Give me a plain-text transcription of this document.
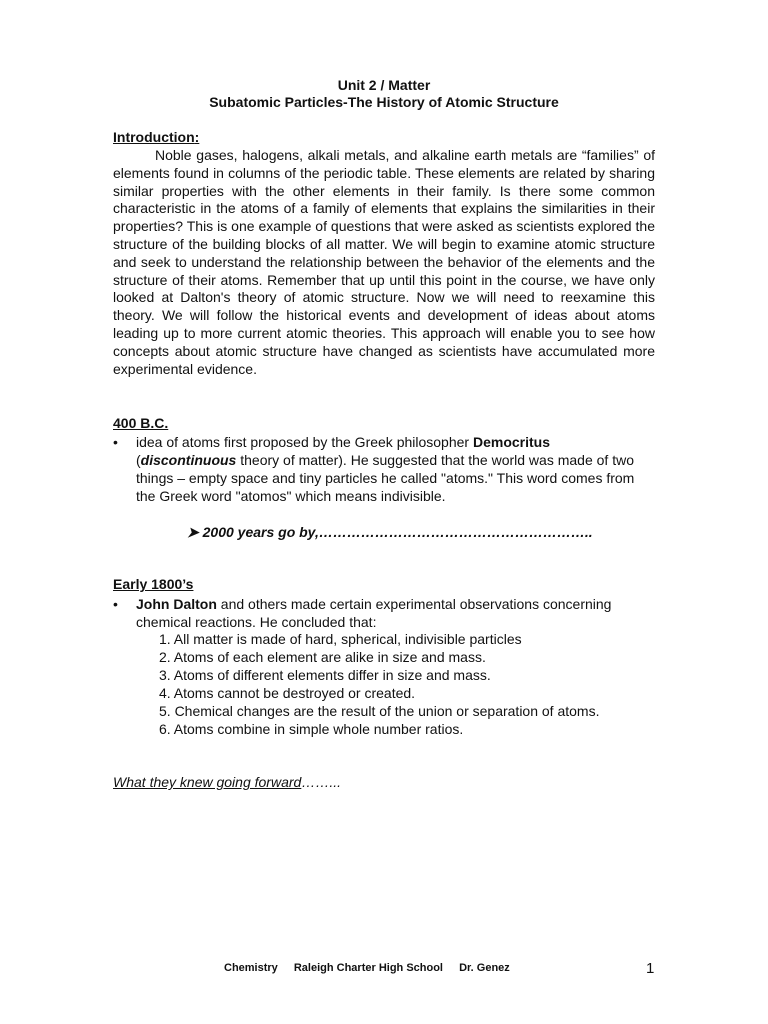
Unit 2 / Matter
Subatomic Particles-The History of Atomic Structure
Introduction:

Noble gases, halogens, alkali metals, and alkaline earth metals are “families” of elements found in columns of the periodic table. These elements are related by sharing similar properties with the other elements in their family. Is there some common characteristic in the atoms of a family of elements that explains the similarities in their properties? This is one example of questions that were asked as scientists explored the structure of the building blocks of all matter. We will begin to examine atomic structure and seek to understand the relationship between the behavior of the elements and the structure of their atoms. Remember that up until this point in the course, we have only looked at Dalton's theory of atomic structure. Now we will need to reexamine this theory. We will follow the historical events and development of ideas about atoms leading up to more current atomic theories. This approach will enable you to see how concepts about atomic structure have changed as scientists have accumulated more experimental evidence.

400 B.C.
•	idea of atoms first proposed by the Greek philosopher Democritus
(discontinuous theory of matter). He suggested that the world was made of two things – empty space and tiny particles he called "atoms." This word comes from the Greek word "atomos" which means indivisible.
➤ 2000 years go by,…………………………………………………..
Early 1800’s
•	John Dalton and others made certain experimental observations concerning chemical reactions. He concluded that:
1. All matter is made of hard, spherical, indivisible particles
2. Atoms of each element are alike in size and mass.
3. Atoms of different elements differ in size and mass.
4. Atoms cannot be destroyed or created.
5. Chemical changes are the result of the union or separation of atoms.
6. Atoms combine in simple whole number ratios.
What they knew going forward……...
Chemistry Raleigh Charter High School Dr. Genez	1
